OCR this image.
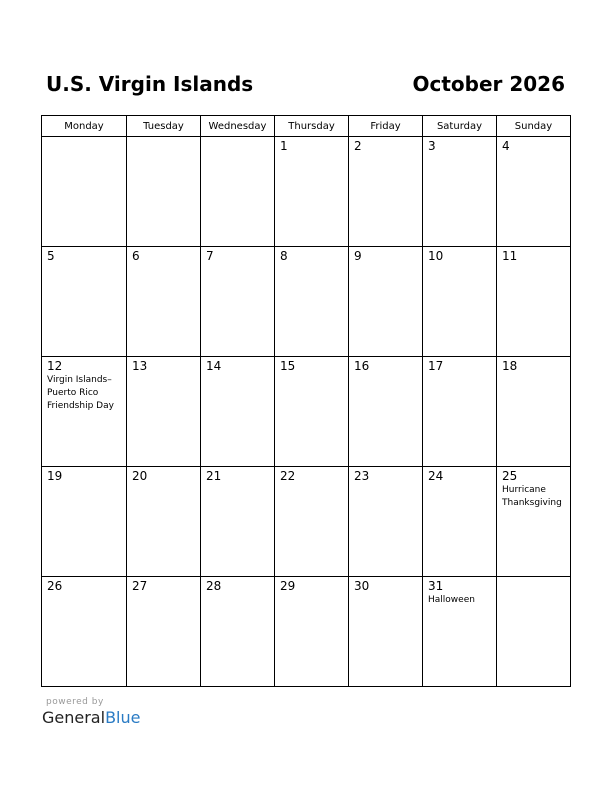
U.S. Virgin Islands	October 2026
Monday	Tuesday	Wednesday	Thursday	Friday	Saturday	Sunday

			1	2	3	4

5	6	7	8	9	10	11

12
Virgin Islands–
Puerto Rico
Friendship Day	13	14	15	16	17	18

19	20	21	22	23	24	25
Hurricane
Thanksgiving

26	27	28	29	30	31
Halloween	

powered by
GeneralBlue
